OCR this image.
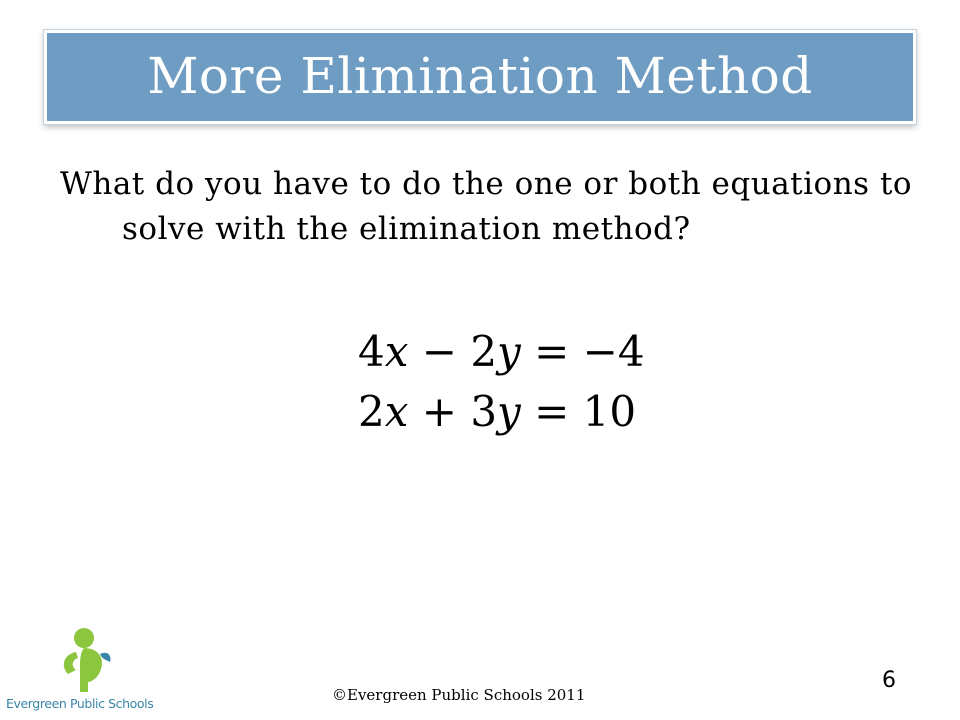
More Elimination Method
What do you have to do the one or both equations to solve with the elimination method?
4x − 2y = −4
2x + 3y = 10
Evergreen Public Schools	©Evergreen Public Schools 2011
6
